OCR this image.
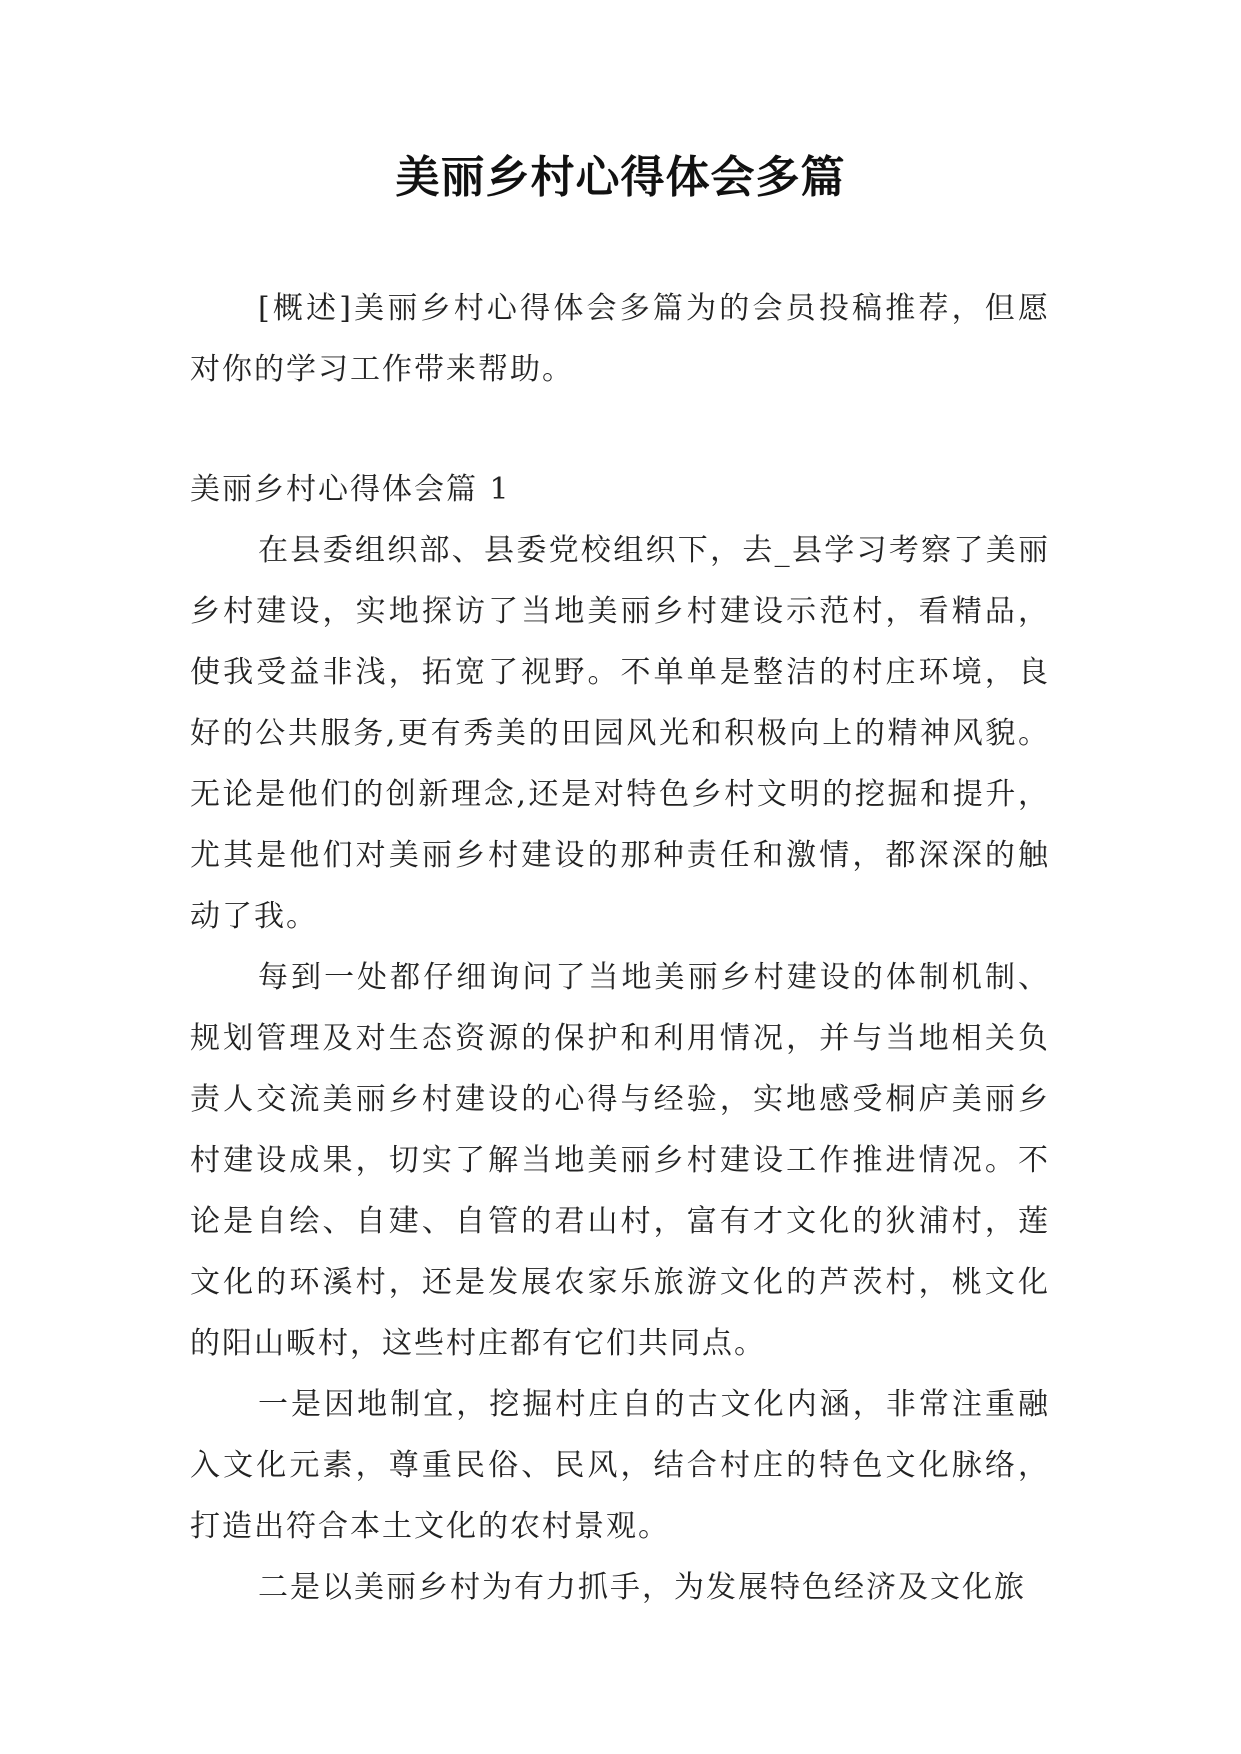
美丽乡村心得体会多篇

[概述]美丽乡村心得体会多篇为的会员投稿推荐，但愿对你的学习工作带来帮助。

美丽乡村心得体会篇 1

在县委组织部、县委党校组织下，去_县学习考察了美丽乡村建设，实地探访了当地美丽乡村建设示范村，看精品，使我受益非浅，拓宽了视野。不单单是整洁的村庄环境，良好的公共服务,更有秀美的田园风光和积极向上的精神风貌。无论是他们的创新理念,还是对特色乡村文明的挖掘和提升，尤其是他们对美丽乡村建设的那种责任和激情，都深深的触动了我。

每到一处都仔细询问了当地美丽乡村建设的体制机制、规划管理及对生态资源的保护和利用情况，并与当地相关负责人交流美丽乡村建设的心得与经验，实地感受桐庐美丽乡村建设成果，切实了解当地美丽乡村建设工作推进情况。不论是自绘、自建、自管的君山村，富有才文化的狄浦村，莲文化的环溪村，还是发展农家乐旅游文化的芦茨村，桃文化的阳山畈村，这些村庄都有它们共同点。

一是因地制宜，挖掘村庄自的古文化内涵，非常注重融入文化元素，尊重民俗、民风，结合村庄的特色文化脉络，打造出符合本土文化的农村景观。

二是以美丽乡村为有力抓手，为发展特色经济及文化旅
